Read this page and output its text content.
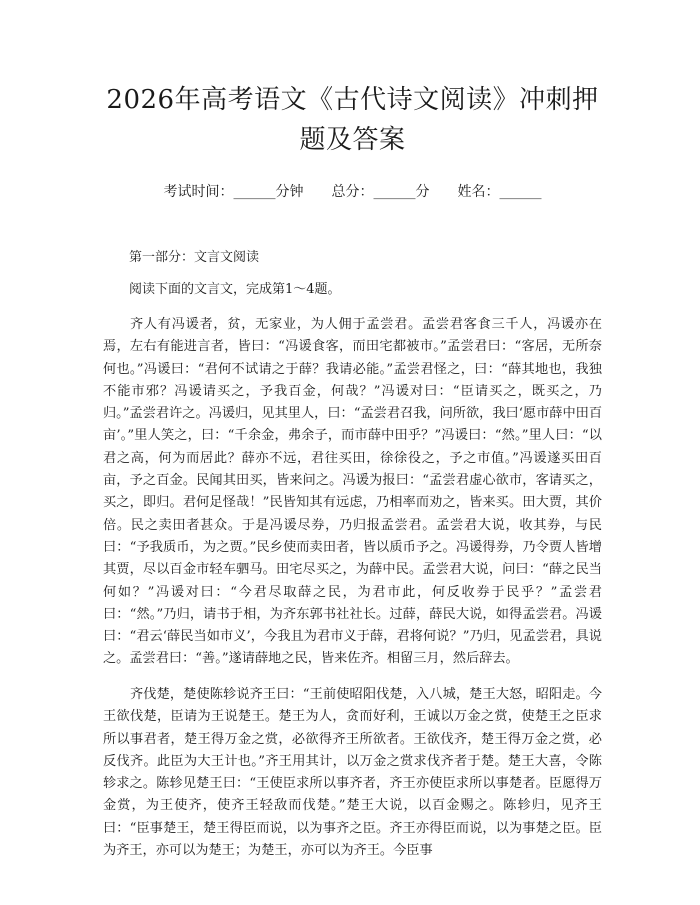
2026年高考语文《古代诗文阅读》冲刺押题及答案
考试时间：______分钟　　总分：______分　　姓名：______
第一部分：文言文阅读
阅读下面的文言文，完成第1～4题。

齐人有冯谖者，贫，无家业，为人佣于孟尝君。孟尝君客食三千人，冯谖亦在焉，左右有能进言者，皆曰：“冯谖食客，而田宅都被市。”孟尝君曰：“客居，无所奈何也。”冯谖曰：“君何不试请之于薛？我请必能。”孟尝君怪之，曰：“薛其地也，我独不能市邪？冯谖请买之，予我百金，何哉？”冯谖对曰：“臣请买之，既买之，乃归。”孟尝君许之。冯谖归，见其里人，曰：“孟尝君召我，问所欲，我曰‘愿市薛中田百亩’。”里人笑之，曰：“千余金，弗余子，而市薛中田乎？”冯谖曰：“然。”里人曰：“以君之高，何为而居此？薛亦不远，君往买田，徐徐役之，予之市值。”冯谖遂买田百亩，予之百金。民闻其田买，皆来问之。冯谖为报曰：“孟尝君虚心欲市，客请买之，买之，即归。君何足怪哉！”民皆知其有远虑，乃相率而劝之，皆来买。田大贾，其价倍。民之卖田者甚众。于是冯谖尽券，乃归报孟尝君。孟尝君大说，收其券，与民曰：“予我质币，为之贾。”民乡使而卖田者，皆以质币予之。冯谖得券，乃令贾人皆增其贾，尽以百金市轻车驷马。田宅尽买之，为薛中民。孟尝君大说，问曰：“薛之民当何如？”冯谖对曰：“今君尽取薛之民，为君市此，何反收券于民乎？”孟尝君曰：“然。”乃归，请书于相，为齐东郭书社社长。过薛，薛民大说，如得孟尝君。冯谖曰：“君云‘薛民当如市义’，今我且为君市义于薛，君将何说？”乃归，见孟尝君，具说之。孟尝君曰：“善。”遂请薛地之民，皆来佐齐。相留三月，然后辞去。

齐伐楚，楚使陈轸说齐王曰：“王前使昭阳伐楚，入八城，楚王大怒，昭阳走。今王欲伐楚，臣请为王说楚王。楚王为人，贪而好利，王诚以万金之赏，使楚王之臣求所以事君者，楚王得万金之赏，必欲得齐王所欲者。王欲伐齐，楚王得万金之赏，必反伐齐。此臣为大王计也。”齐王用其计，以万金之赏求伐齐者于楚。楚王大喜，令陈轸求之。陈轸见楚王曰：“王使臣求所以事齐者，齐王亦使臣求所以事楚者。臣愿得万金赏，为王使齐，使齐王轻敌而伐楚。”楚王大说，以百金赐之。陈轸归，见齐王曰：“臣事楚王，楚王得臣而说，以为事齐之臣。齐王亦得臣而说，以为事楚之臣。臣为齐王，亦可以为楚王；为楚王，亦可以为齐王。今臣事
